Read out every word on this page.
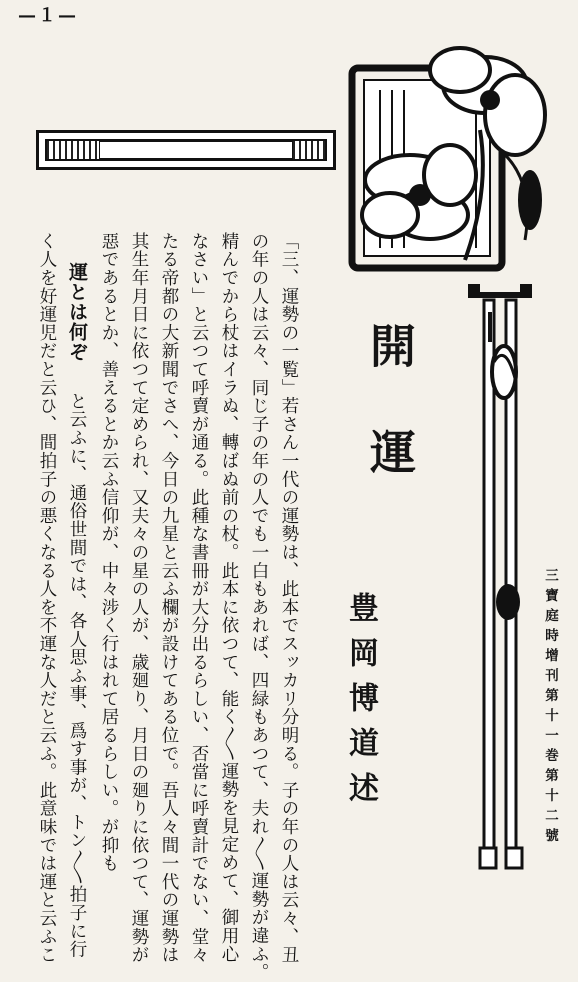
—１—
開運
豊岡博道述	三寶庭時增刊第十一巻第十二號
「三、運勢の一覧」若さん一代の運勢は、此本でスッカリ分明る。子の年の人は云々、丑
の年の人は云々、同じ子の年の人でも一白もあれば、四緑もあつて、夫れ〳〵運勢が違ふ。
精んでから杖はイラぬ、轉ばぬ前の杖。此本に依つて、能く〳〵運勢を見定めて、御用心
なさい」と云つて呼賣が通る。此種な書冊が大分出るらしい、否當に呼賣計でない、堂々
たる帝都の大新聞でさへ、今日の九星と云ふ欄が設けてある位で。吾人々間一代の運勢は
其生年月日に依つて定められ、又夫々の星の人が、歳廻り、月日の廻りに依つて、運勢が
惡であるとか、善えるとか云ふ信仰が、中々涉く行はれて居るらしい。が抑も
運とは何ぞ
と云ふに、通俗世間では、各人思ふ事、爲す事が、トン〳〵拍子に行
く人を好運児だと云ひ、間拍子の悪くなる人を不運な人だと云ふ。此意味では運と云ふこ
